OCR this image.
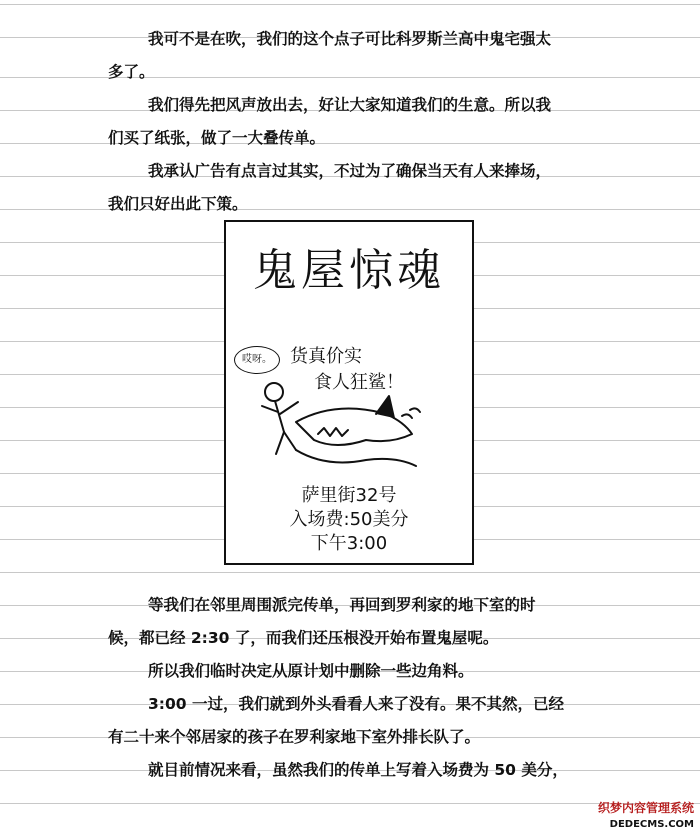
我可不是在吹，我们的这个点子可比科罗斯兰高中鬼宅强太
多了。
我们得先把风声放出去，好让大家知道我们的生意。所以我
们买了纸张，做了一大叠传单。
我承认广告有点言过其实，不过为了确保当天有人来捧场，
我们只好出此下策。
鬼屋惊魂
哎呀。	货真价实
食人狂鲨！
萨里街32号
入场费:50美分
下午3:00
等我们在邻里周围派完传单，再回到罗利家的地下室的时
候，都已经 2:30 了，而我们还压根没开始布置鬼屋呢。
所以我们临时决定从原计划中删除一些边角料。
3:00 一过，我们就到外头看看人来了没有。果不其然，已经
有二十来个邻居家的孩子在罗利家地下室外排长队了。
就目前情况来看，虽然我们的传单上写着入场费为 50 美分，
织梦内容管理系统
DEDECMS.COM
